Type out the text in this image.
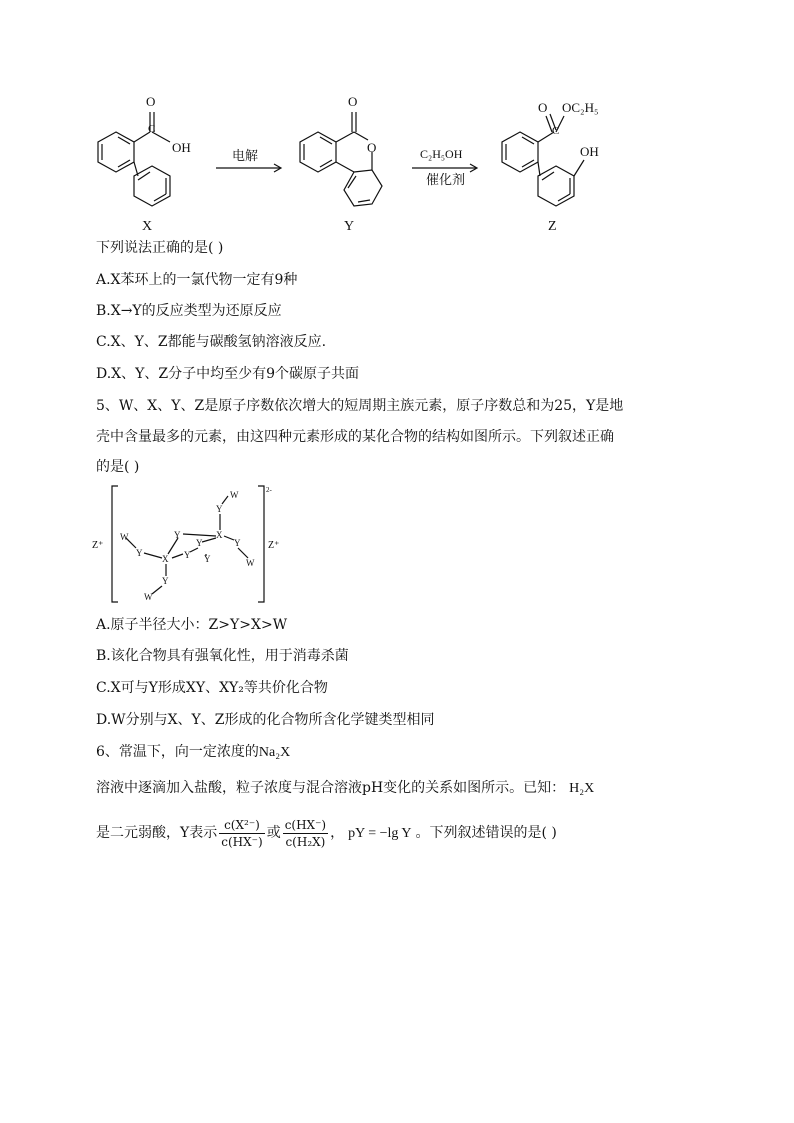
O
C
OH
电解
O
O	C₂H₅OH
催化剂
O
C
OC₂H₅
OH
X	Y	Z
下列说法正确的是( )
A.X苯环上的一氯代物一定有9种
B.X→Y的反应类型为还原反应
C.X、Y、Z都能与碳酸氢钠溶液反应.
D.X、Y、Z分子中均至少有9个碳原子共面
5、W、X、Y、Z是原子序数依次增大的短周期主族元素，原子序数总和为25，Y是地
壳中含量最多的元素，由这四种元素形成的某化合物的结构如图所示。下列叙述正确
的是( )
2-
Z⁺	Z⁺
W
Y
X
Y
Y
Y Y
X
Y
W
W
Y
Y
W
A.原子半径大小：Z>Y>X>W
B.该化合物具有强氧化性，用于消毒杀菌
C.X可与Y形成XY、XY₂等共价化合物
D.W分别与X、Y、Z形成的化合物所含化学键类型相同
6、常温下，向一定浓度的Na₂X
溶液中逐滴加入盐酸，粒子浓度与混合溶液pH变化的关系如图所示。已知： H₂X
是二元弱酸，Y表示 $\frac{\text{c(X²⁻)}}{c(HX^-)}$ 或 $\frac{c(HX^-)}{\text{c(H₂X)}}$ ， pY = −lg Y 。下列叙述错误的是( )
